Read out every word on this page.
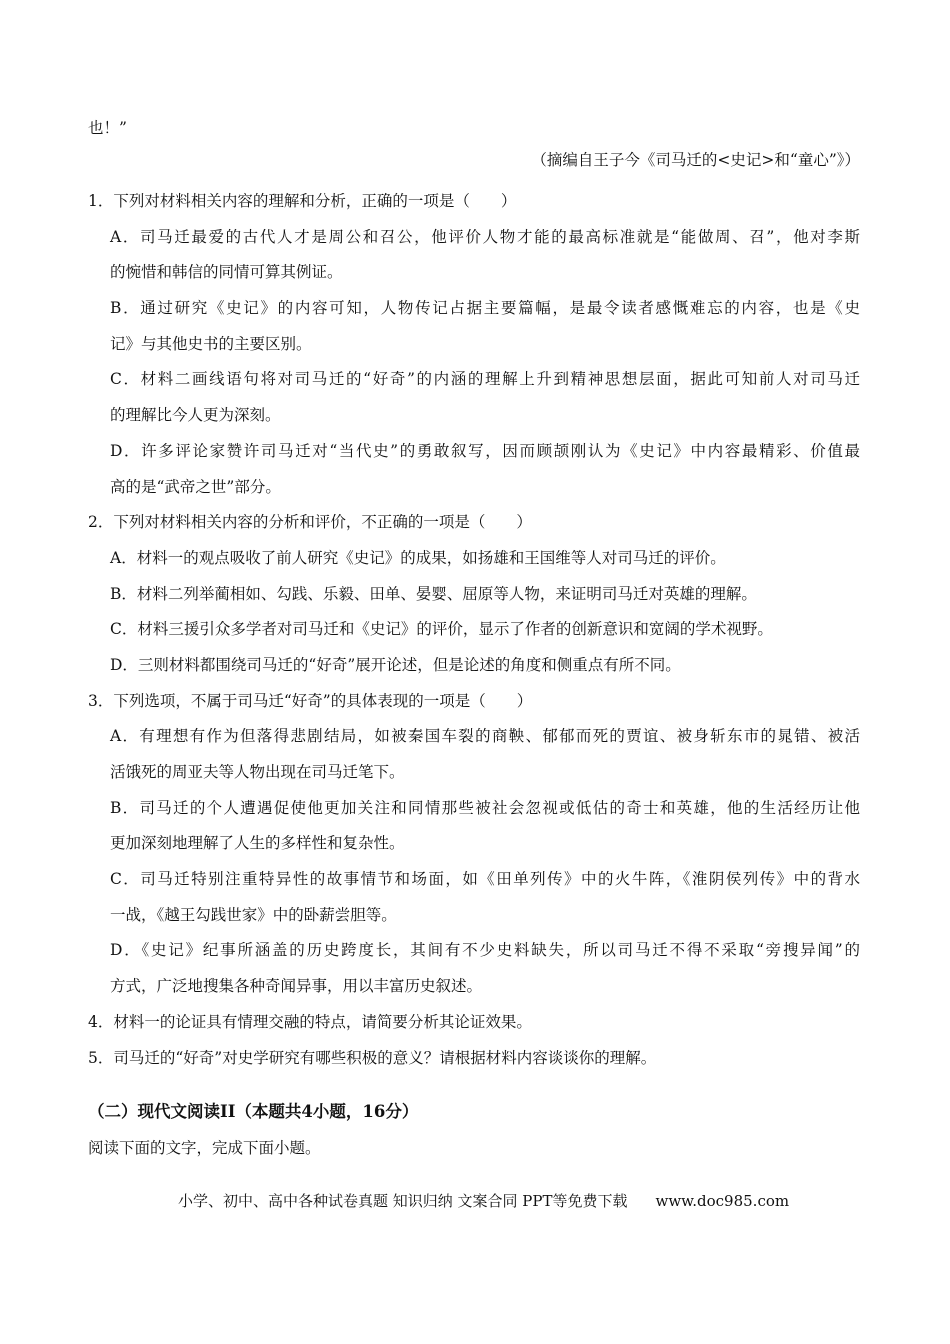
也！”
（摘编自王子今《司马迁的<史记>和“童心”》）
1．下列对材料相关内容的理解和分析，正确的一项是（　　）
A．司马迁最爱的古代人才是周公和召公，他评价人物才能的最高标准就是“能做周、召”，他对李斯
的惋惜和韩信的同情可算其例证。
B．通过研究《史记》的内容可知，人物传记占据主要篇幅，是最令读者感慨难忘的内容，也是《史
记》与其他史书的主要区别。
C．材料二画线语句将对司马迁的“好奇”的内涵的理解上升到精神思想层面，据此可知前人对司马迁
的理解比今人更为深刻。
D．许多评论家赞许司马迁对“当代史”的勇敢叙写，因而顾颉刚认为《史记》中内容最精彩、价值最
高的是“武帝之世”部分。
2．下列对材料相关内容的分析和评价，不正确的一项是（　　）
A．材料一的观点吸收了前人研究《史记》的成果，如扬雄和王国维等人对司马迁的评价。
B．材料二列举蔺相如、勾践、乐毅、田单、晏婴、屈原等人物，来证明司马迁对英雄的理解。
C．材料三援引众多学者对司马迁和《史记》的评价，显示了作者的创新意识和宽阔的学术视野。
D．三则材料都围绕司马迁的“好奇”展开论述，但是论述的角度和侧重点有所不同。
3．下列选项，不属于司马迁“好奇”的具体表现的一项是（　　）
A．有理想有作为但落得悲剧结局，如被秦国车裂的商鞅、郁郁而死的贾谊、被身斩东市的晁错、被活
活饿死的周亚夫等人物出现在司马迁笔下。
B．司马迁的个人遭遇促使他更加关注和同情那些被社会忽视或低估的奇士和英雄，他的生活经历让他
更加深刻地理解了人生的多样性和复杂性。
C．司马迁特别注重特异性的故事情节和场面，如《田单列传》中的火牛阵，《淮阴侯列传》中的背水
一战，《越王勾践世家》中的卧薪尝胆等。
D．《史记》纪事所涵盖的历史跨度长，其间有不少史料缺失，所以司马迁不得不采取“旁搜异闻”的
方式，广泛地搜集各种奇闻异事，用以丰富历史叙述。
4．材料一的论证具有情理交融的特点，请简要分析其论证效果。
5．司马迁的“好奇”对史学研究有哪些积极的意义？请根据材料内容谈谈你的理解。
（二）现代文阅读II（本题共4小题，16分）
阅读下面的文字，完成下面小题。
小学、初中、高中各种试卷真题 知识归纳 文案合同 PPT等免费下载 www.doc985.com
